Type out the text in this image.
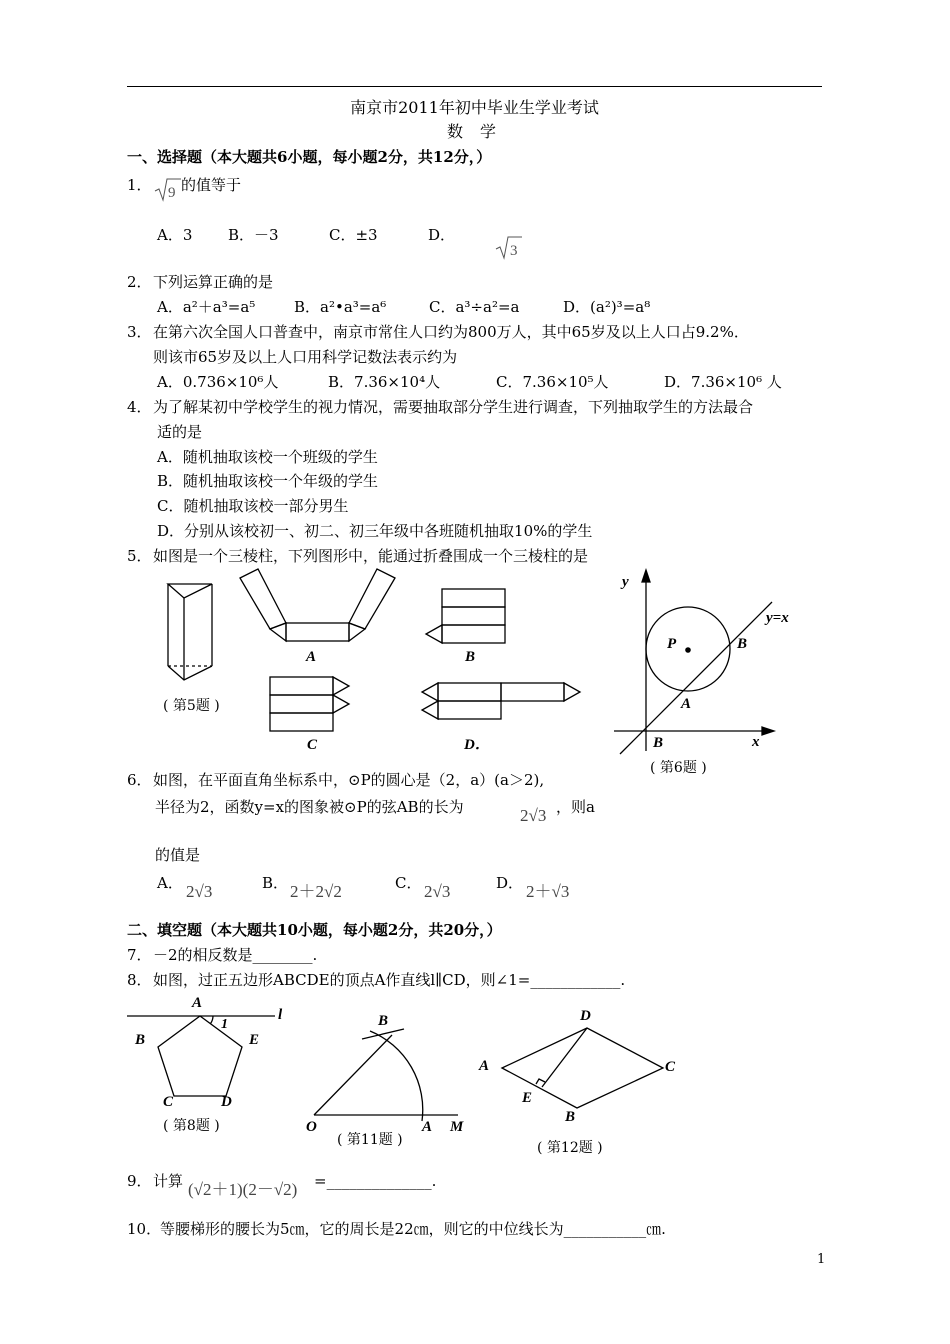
南京市2011年初中毕业生学业考试
数 学
一、选择题（本大题共6小题，每小题2分，共12分，）
1． 9 的值等于
A．3 B．－3	C．±3	D．
3
2． 下列运算正确的是
A．a²＋a³=a⁵	B．a²•a³=a⁶	C．a³÷a²=a	D．(a²)³=a⁸
3． 在第六次全国人口普查中，南京市常住人口约为800万人，其中65岁及以上人口占9.2%．
则该市65岁及以上人口用科学记数法表示约为
A．0.736×10⁶人	B．7.36×10⁴人	C．7.36×10⁵人	D．7.36×10⁶ 人
4． 为了解某初中学校学生的视力情况，需要抽取部分学生进行调查，下列抽取学生的方法最合
适的是
A．随机抽取该校一个班级的学生
B．随机抽取该校一个年级的学生
C．随机抽取该校一部分男生
D．分别从该校初一、初二、初三年级中各班随机抽取10%的学生
5． 如图是一个三棱柱，下列图形中，能通过折叠围成一个三棱柱的是
( 第5题 )
A	B
C	D．
y
x
y=x
P	B
A
B
( 第6题 )
6． 如图，在平面直角坐标系中，⊙P的圆心是（2，a）(a＞2),
半径为2，函数y=x的图象被⊙P的弦AB的长为	2√3 ，则a
的值是
A． 2√3	B． 2＋2√2	C． 2√3	D． 2＋√3
二、填空题（本大题共10小题，每小题2分，共20分，）
7． －2的相反数是________.
8． 如图，过正五边形ABCDE的顶点A作直线l∥CD，则∠1=____________.
A
1
l
B	E
C	D
( 第8题 )
B
O	A M
( 第11题 )
D
A	C
E
B
( 第12题 )
9． 计算 (√2＋1)(2－√2) =______________.
10．
等腰梯形的腰长为5㎝，它的周长是22㎝，则它的中位线长为___________㎝.
1
